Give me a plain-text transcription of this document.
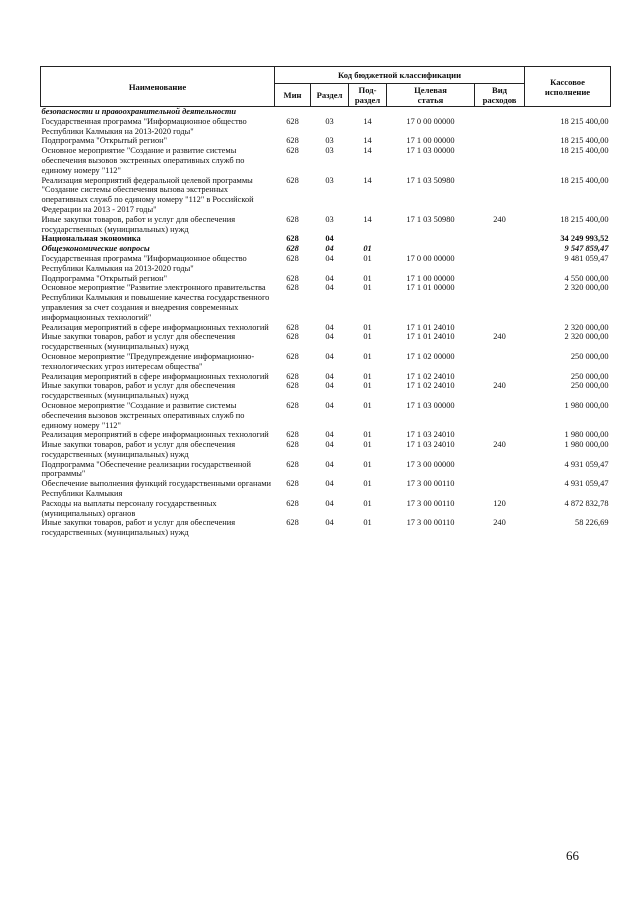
Наименование	Код бюджетной классификации					Кассовое
исполнение
	Мин	Раздел	Под-
раздел	Целевая
статья	Вид
расходов	
безопасности и правоохранительной деятельности						
Государственная программа "Информационное общество Республики Калмыкия на 2013-2020 годы"	628	03	14	17 0 00 00000		18 215 400,00
Подпрограмма "Открытый регион"	628	03	14	17 1 00 00000		18 215 400,00
Основное мероприятие "Создание и развитие системы обеспечения вызовов экстренных оперативных служб по единому номеру "112"	628	03	14	17 1 03 00000		18 215 400,00
Реализация мероприятий федеральной целевой программы "Создание системы обеспечения вызова экстренных оперативных служб по единому номеру "112" в Российской Федерации на 2013 - 2017 годы"	628	03	14	17 1 03 50980		18 215 400,00
Иные закупки товаров, работ и услуг для обеспечения государственных (муниципальных) нужд	628	03	14	17 1 03 50980	240	18 215 400,00
Национальная экономика	628	04				34 249 993,52
Общеэкономические вопросы	628	04	01			9 547 859,47
Государственная программа "Информационное общество Республики Калмыкия на 2013-2020 годы"	628	04	01	17 0 00 00000		9 481 059,47
Подпрограмма "Открытый регион"	628	04	01	17 1 00 00000		4 550 000,00
Основное мероприятие "Развитие электронного правительства Республики Калмыкия и повышение качества государственного управления за счет создания и внедрения современных информационных технологий"	628	04	01	17 1 01 00000		2 320 000,00
Реализация мероприятий в сфере информационных технологий	628	04	01	17 1 01 24010		2 320 000,00
Иные закупки товаров, работ и услуг для обеспечения государственных (муниципальных) нужд	628	04	01	17 1 01 24010	240	2 320 000,00
Основное мероприятие "Предупреждение информационно-технологических угроз интересам общества"	628	04	01	17 1 02 00000		250 000,00
Реализация мероприятий в сфере информационных технологий	628	04	01	17 1 02 24010		250 000,00
Иные закупки товаров, работ и услуг для обеспечения государственных (муниципальных) нужд	628	04	01	17 1 02 24010	240	250 000,00
Основное мероприятие "Создание и развитие системы обеспечения вызовов экстренных оперативных служб по единому номеру "112"	628	04	01	17 1 03 00000		1 980 000,00
Реализация мероприятий в сфере информационных технологий	628	04	01	17 1 03 24010		1 980 000,00
Иные закупки товаров, работ и услуг для обеспечения государственных (муниципальных) нужд	628	04	01	17 1 03 24010	240	1 980 000,00
Подпрограмма "Обеспечение реализации государственной программы"	628	04	01	17 3 00 00000		4 931 059,47
Обеспечение выполнения функций государственными органами Республики Калмыкия	628	04	01	17 3 00 00110		4 931 059,47
Расходы на выплаты персоналу государственных (муниципальных) органов	628	04	01	17 3 00 00110	120	4 872 832,78
Иные закупки товаров, работ и услуг для обеспечения государственных (муниципальных) нужд	628	04	01	17 3 00 00110	240	58 226,69
66
